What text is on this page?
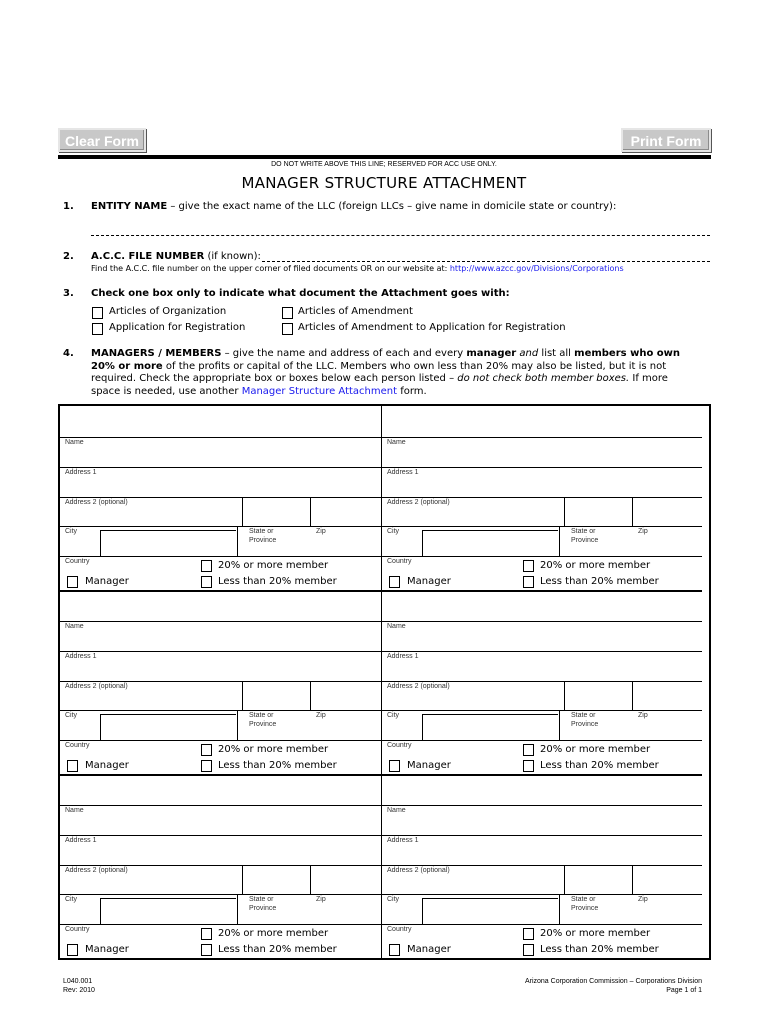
Clear Form	Print Form
DO NOT WRITE ABOVE THIS LINE; RESERVED FOR ACC USE ONLY.
MANAGER STRUCTURE ATTACHMENT
1. ENTITY NAME – give the exact name of the LLC (foreign LLCs – give name in domicile state or country):
2. A.C.C. FILE NUMBER (if known):
Find the A.C.C. file number on the upper corner of filed documents OR on our website at: http://www.azcc.gov/Divisions/Corporations
3. Check one box only to indicate what document the Attachment goes with:
Articles of Organization
Application for Registration
Articles of Amendment
Articles of Amendment to Application for Registration
4. MANAGERS / MEMBERS – give the name and address of each and every manager and list all members who own
20% or more of the profits or capital of the LLC. Members who own less than 20% may also be listed, but it is not
required. Check the appropriate box or boxes below each person listed – do not check both member boxes. If more
space is needed, use another Manager Structure Attachment form.
Name
Address 1
Address 2 (optional)
City	State or
Province
Zip
Country	20% or more member
Manager	Less than 20% member
Name
Address 1
Address 2 (optional)
City	State or
Province
Zip
Country	20% or more member
Manager	Less than 20% member
Name
Address 1
Address 2 (optional)
City	State or
Province
Zip
Country	20% or more member
Manager	Less than 20% member
Name
Address 1
Address 2 (optional)
City	State or
Province
Zip
Country	20% or more member
Manager	Less than 20% member
Name
Address 1
Address 2 (optional)
City	State or
Province
Zip
Country	20% or more member
Manager	Less than 20% member
Name
Address 1
Address 2 (optional)
City	State or
Province
Zip
Country	20% or more member
Manager	Less than 20% member
L040.001
Rev: 2010
Arizona Corporation Commission – Corporations Division
Page 1 of 1
